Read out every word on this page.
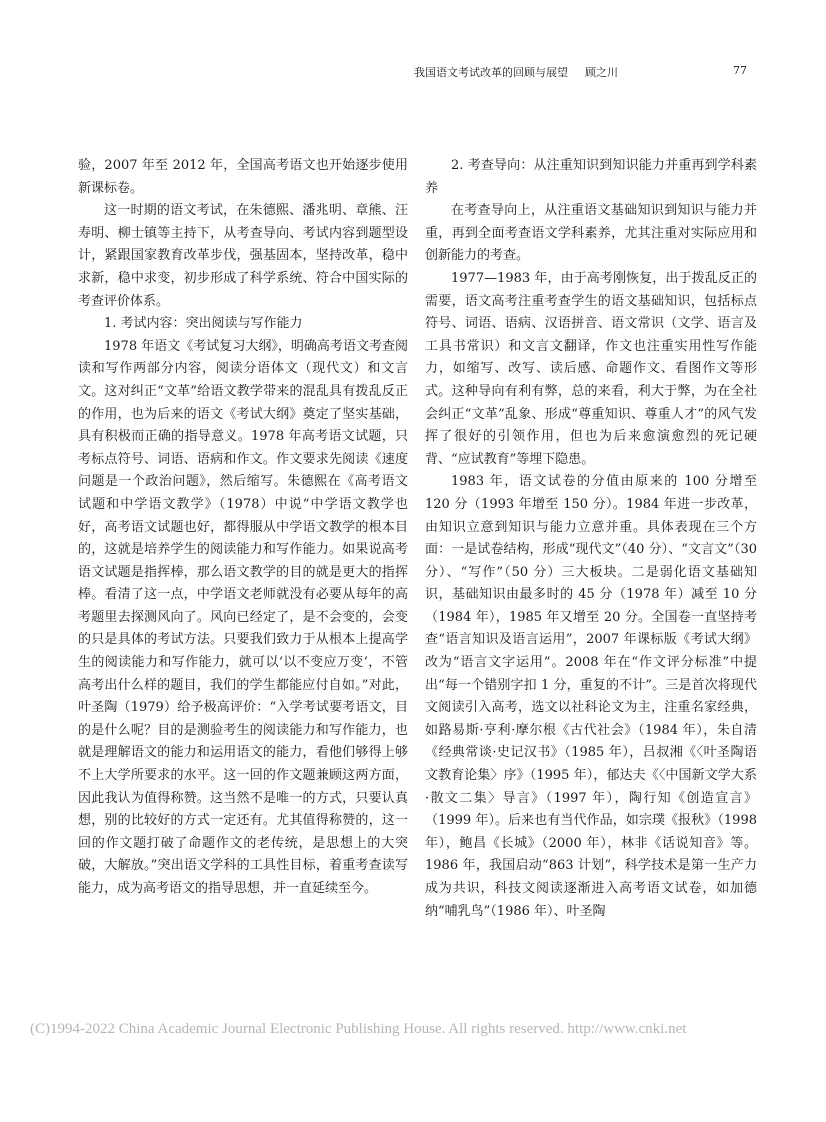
我国语文考试改革的回顾与展望 顾之川	77

验，2007 年至 2012 年，全国高考语文也开始逐步使用新课标卷。

这一时期的语文考试，在朱德熙、潘兆明、章熊、汪寿明、柳士镇等主持下，从考查导向、考试内容到题型设计，紧跟国家教育改革步伐，强基固本，坚持改革，稳中求新，稳中求变，初步形成了科学系统、符合中国实际的考查评价体系。

1. 考试内容：突出阅读与写作能力

1978 年语文《考试复习大纲》，明确高考语文考查阅读和写作两部分内容，阅读分语体文（现代文）和文言文。这对纠正“文革”给语文教学带来的混乱具有拨乱反正的作用，也为后来的语文《考试大纲》奠定了坚实基础，具有积极而正确的指导意义。1978 年高考语文试题，只考标点符号、词语、语病和作文。作文要求先阅读《速度问题是一个政治问题》，然后缩写。朱德熙在《高考语文试题和中学语文教学》（1978）中说“中学语文教学也好，高考语文试题也好，都得服从中学语文教学的根本目的，这就是培养学生的阅读能力和写作能力。如果说高考语文试题是指挥棒，那么语文教学的目的就是更大的指挥棒。看清了这一点，中学语文老师就没有必要从每年的高考题里去探测风向了。风向已经定了，是不会变的，会变的只是具体的考试方法。只要我们致力于从根本上提高学生的阅读能力和写作能力，就可以‘以不变应万变’，不管高考出什么样的题目，我们的学生都能应付自如。”对此，叶圣陶（1979）给予极高评价：“入学考试要考语文，目的是什么呢？目的是测验考生的阅读能力和写作能力，也就是理解语文的能力和运用语文的能力，看他们够得上够不上大学所要求的水平。这一回的作文题兼顾这两方面，因此我认为值得称赞。这当然不是唯一的方式，只要认真想，别的比较好的方式一定还有。尤其值得称赞的，这一回的作文题打破了命题作文的老传统，是思想上的大突破，大解放。”突出语文学科的工具性目标，着重考查读写能力，成为高考语文的指导思想，并一直延续至今。

2. 考查导向：从注重知识到知识能力并重再到学科素养

在考查导向上，从注重语文基础知识到知识与能力并重，再到全面考查语文学科素养，尤其注重对实际应用和创新能力的考查。

1977—1983 年，由于高考刚恢复，出于拨乱反正的需要，语文高考注重考查学生的语文基础知识，包括标点符号、词语、语病、汉语拼音、语文常识（文学、语言及工具书常识）和文言文翻译，作文也注重实用性写作能力，如缩写、改写、读后感、命题作文、看图作文等形式。这种导向有利有弊，总的来看，利大于弊，为在全社会纠正“文革”乱象、形成“尊重知识、尊重人才”的风气发挥了很好的引领作用，但也为后来愈演愈烈的死记硬背、“应试教育”等埋下隐患。

1983 年，语文试卷的分值由原来的 100 分增至 120 分（1993 年增至 150 分）。1984 年进一步改革，由知识立意到知识与能力立意并重。具体表现在三个方面：一是试卷结构，形成“现代文”（40 分）、“文言文”（30 分）、“写作”（50 分）三大板块。二是弱化语文基础知识，基础知识由最多时的 45 分（1978 年）减至 10 分（1984 年），1985 年又增至 20 分。全国卷一直坚持考查“语言知识及语言运用”，2007 年课标版《考试大纲》改为“语言文字运用”。2008 年在“作文评分标准”中提出“每一个错别字扣 1 分，重复的不计”。三是首次将现代文阅读引入高考，选文以社科论文为主，注重名家经典，如路易斯·亨利·摩尔根《古代社会》（1984 年），朱自清《经典常谈·史记汉书》（1985 年），吕叔湘《〈叶圣陶语文教育论集〉序》（1995 年），郁达夫《〈中国新文学大系·散文二集〉导言》（1997 年），陶行知《创造宣言》（1999 年）。后来也有当代作品，如宗璞《报秋》（1998 年），鲍昌《长城》（2000 年），林非《话说知音》等。1986 年，我国启动“863 计划”，科学技术是第一生产力成为共识，科技文阅读逐渐进入高考语文试卷，如加德纳“哺乳鸟”（1986 年）、叶圣陶

(C)1994-2022 China Academic Journal Electronic Publishing House. All rights reserved. http://www.cnki.net
